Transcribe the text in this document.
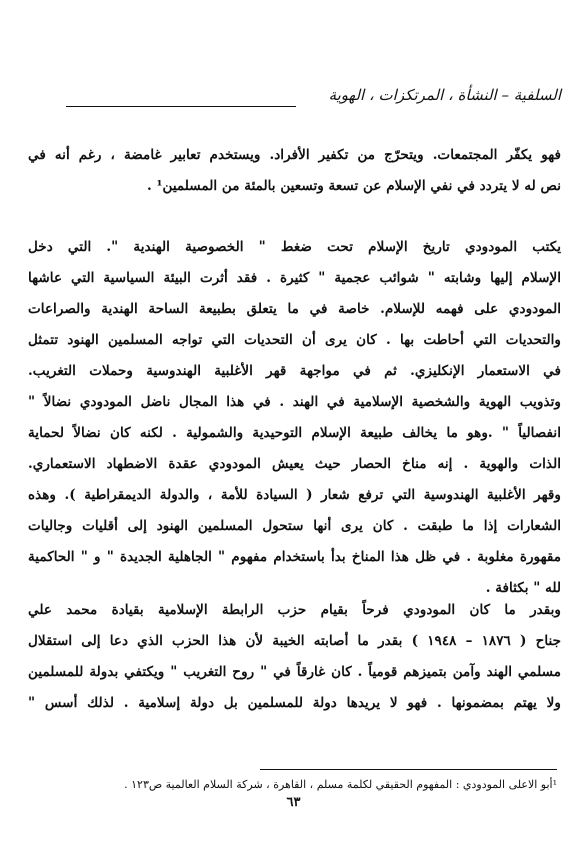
السلفية – النشأة ، المرتكزات ، الهوية
فهو يكفّر المجتمعات. ويتحرّج من تكفير الأفراد. ويستخدم تعابير غامضة ، رغم أنه في
نص له لا يتردد في نفي الإسلام عن تسعة وتسعين بالمئة من المسلمين¹ .
يكتب المودودي تاريخ الإسلام تحت ضغط " الخصوصية الهندية ". التي دخل
الإسلام إليها وشابته " شوائب عجمية " كثيرة . فقد أثرت البيئة السياسية التي عاشها
المودودي على فهمه للإسلام. خاصة في ما يتعلق بطبيعة الساحة الهندية والصراعات
والتحديات التي أحاطت بها . كان يرى أن التحديات التي تواجه المسلمين الهنود تتمثل
في الاستعمار الإنكليزي. ثم في مواجهة قهر الأغلبية الهندوسية وحملات التغريب.
وتذويب الهوية والشخصية الإسلامية في الهند . في هذا المجال ناضل المودودي نضالاً "
انفصالياً " .وهو ما يخالف طبيعة الإسلام التوحيدية والشمولية . لكنه كان نضالاً لحماية
الذات والهوية . إنه مناخ الحصار حيث يعيش المودودي عقدة الاضطهاد الاستعماري.
وقهر الأغلبية الهندوسية التي ترفع شعار ( السيادة للأمة ، والدولة الديمقراطية ). وهذه
الشعارات إذا ما طبقت . كان يرى أنها ستحول المسلمين الهنود إلى أقليات وجاليات
مقهورة مغلوبة . في ظل هذا المناخ بدأ باستخدام مفهوم " الجاهلية الجديدة " و " الحاكمية
لله " بكثافة .
وبقدر ما كان المودودي فرحاً بقيام حزب الرابطة الإسلامية بقيادة محمد علي
جناح ( ١٨٧٦ – ١٩٤٨ ) بقدر ما أصابته الخيبة لأن هذا الحزب الذي دعا إلى استقلال
مسلمي الهند وآمن بتميزهم قومياً . كان غارقاً في " روح التغريب " ويكتفي بدولة للمسلمين
ولا يهتم بمضمونها . فهو لا يريدها دولة للمسلمين بل دولة إسلامية . لذلك أسس "
¹أبو الاعلى المودودي : المفهوم الحقيقي لكلمة مسلم ، القاهرة ، شركة السلام العالمية ص١٢٣ .
٦٣
